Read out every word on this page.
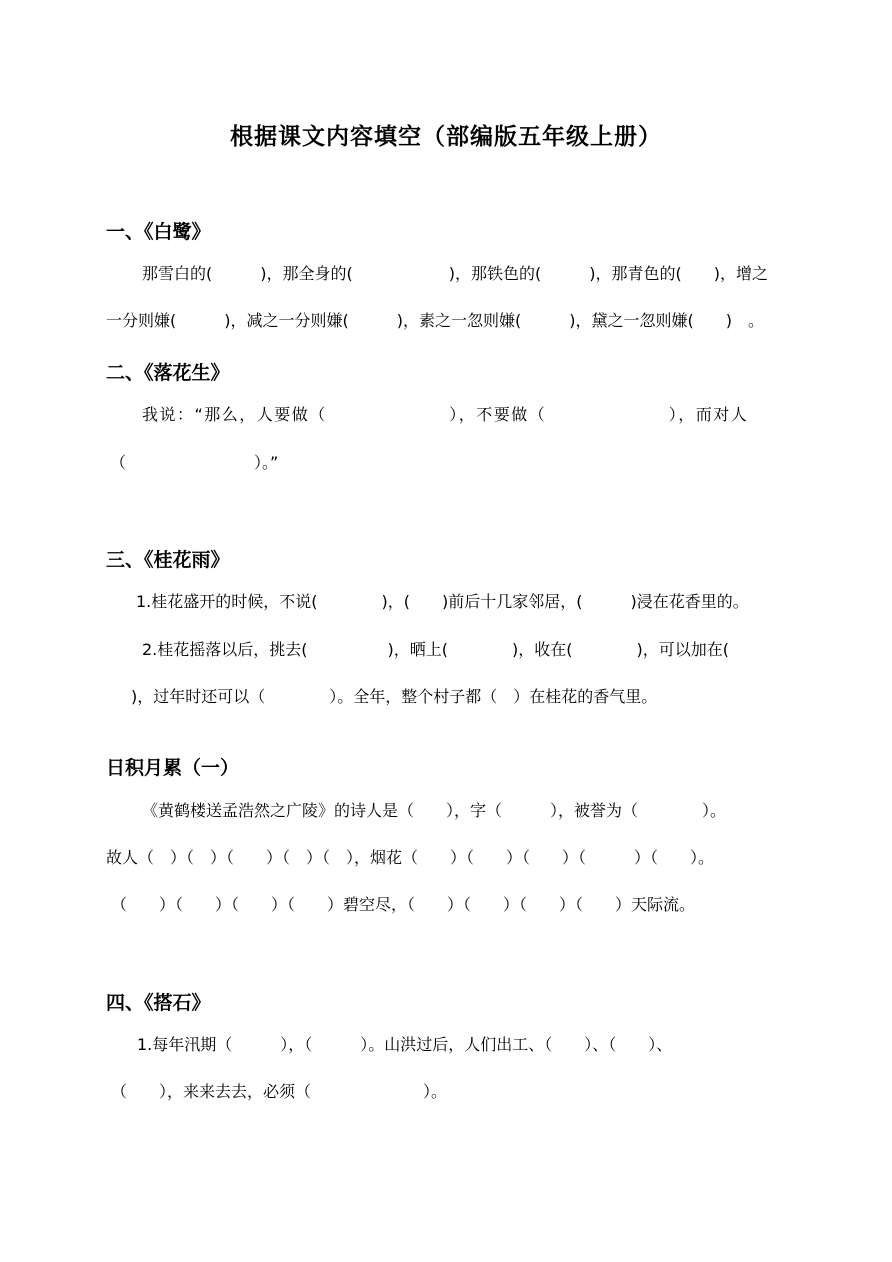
根据课文内容填空（部编版五年级上册）
一、《白鹭》
那雪白的(　　　)，那全身的(　　　　　　)，那铁色的(　　　)，那青色的(　　)，增之
一分则嫌(　　　)，减之一分则嫌(　　　)，素之一忽则嫌(　　　)，黛之一忽则嫌(　　)　。
二、《落花生》
我说：“那么，人要做（　　　　　　　），不要做（　　　　　　　），而对人
（　　　　　　　　）。”
三、《桂花雨》
1.桂花盛开的时候，不说(　　　　)，(　　)前后十几家邻居，(　　　)浸在花香里的。
2.桂花摇落以后，挑去(　　　　　)，晒上(　　　　)，收在(　　　　)，可以加在(
)，过年时还可以（　　　　）。全年，整个村子都（　）在桂花的香气里。
日积月累（一）
《黄鹤楼送孟浩然之广陵》的诗人是（　　），字（　　　），被誉为（　　　　）。
故人（　）（　）（　　）（　）（　），烟花（　　）（　　）（　　）（　　　）（　　）。
（　　）（　　）（　　）（　　）碧空尽，（　　）（　　）（　　）（　　）天际流。
四、《搭石》
1.每年汛期（　　　），（　　　）。山洪过后，人们出工、（　　）、（　　）、
（　　），来来去去，必须（　　　　　　　）。
